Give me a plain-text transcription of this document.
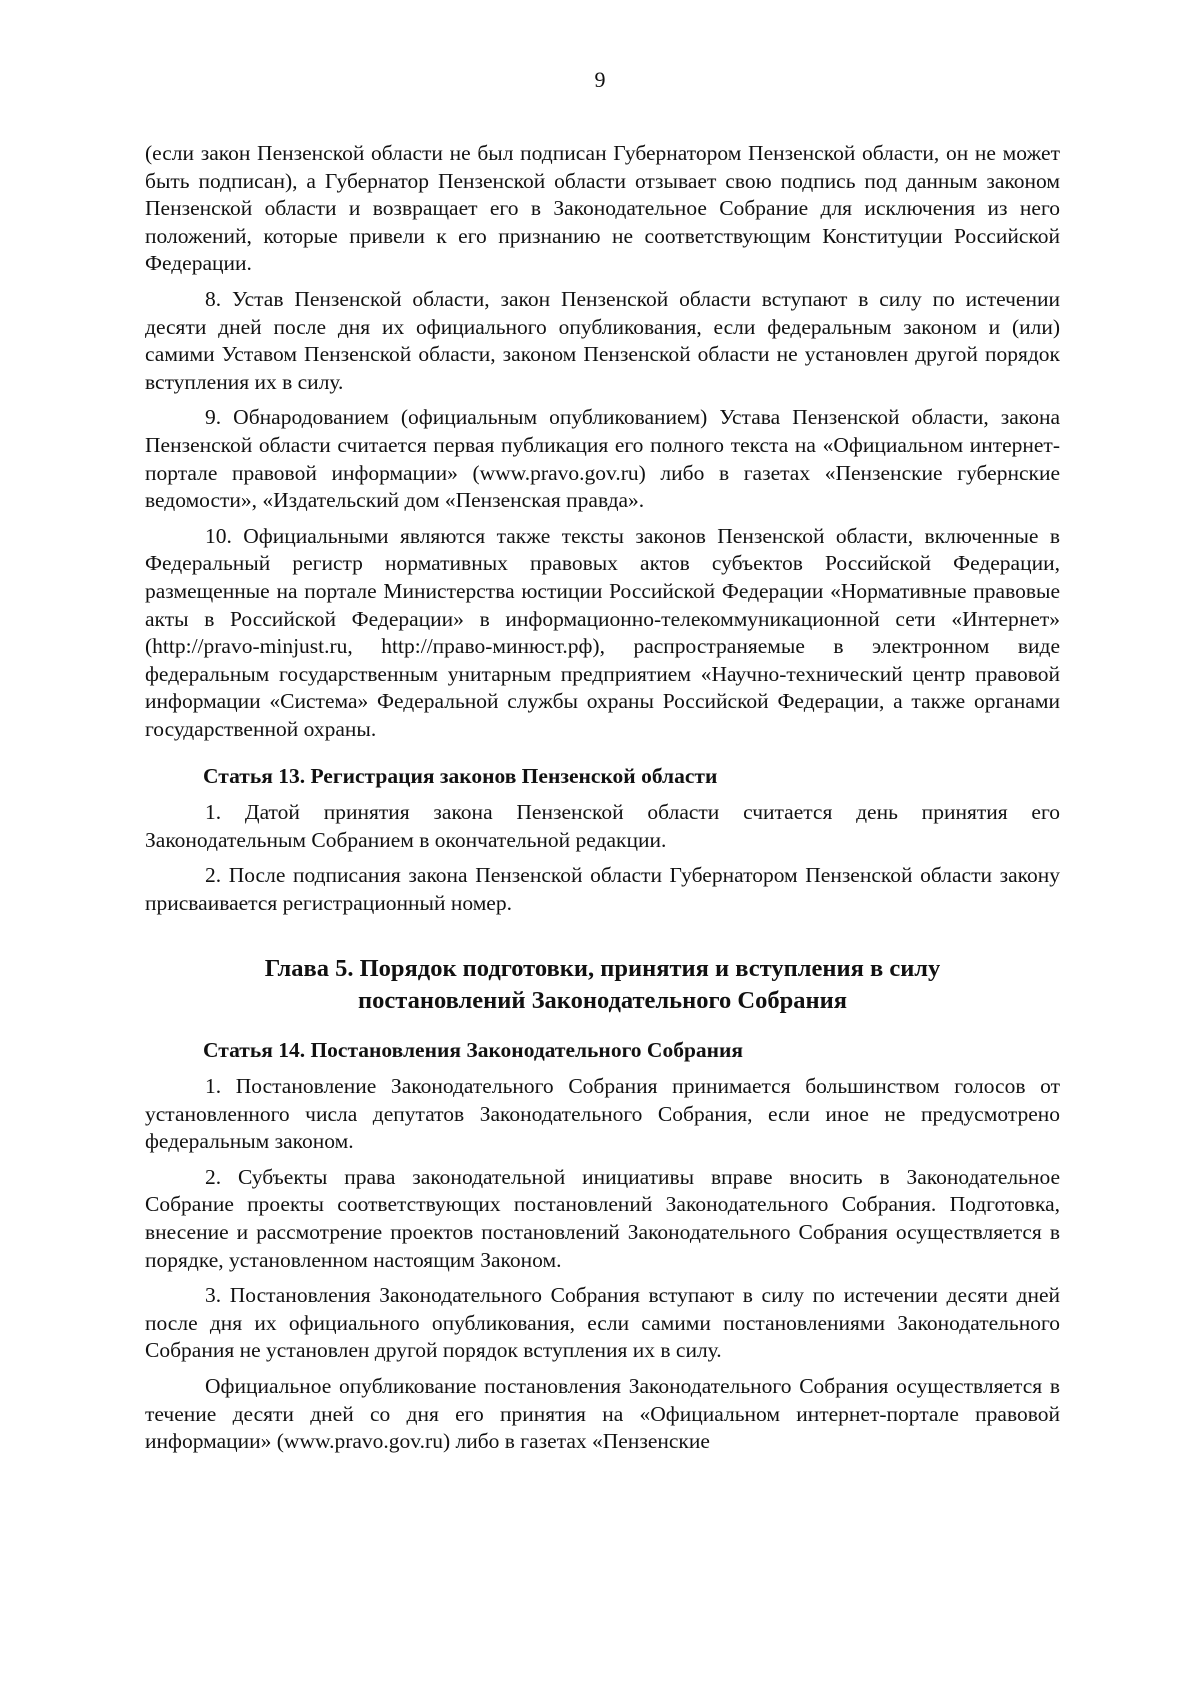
9

(если закон Пензенской области не был подписан Губернатором Пензенской области, он не может быть подписан), а Губернатор Пензенской области отзывает свою подпись под данным законом Пензенской области и возвращает его в Законодательное Собрание для исключения из него положений, которые привели к его признанию не соответствующим Конституции Российской Федерации.

8. Устав Пензенской области, закон Пензенской области вступают в силу по истечении десяти дней после дня их официального опубликования, если федеральным законом и (или) самими Уставом Пензенской области, законом Пензенской области не установлен другой порядок вступления их в силу.

9. Обнародованием (официальным опубликованием) Устава Пензенской области, закона Пензенской области считается первая публикация его полного текста на «Официальном интернет-портале правовой информации» (www.pravo.gov.ru) либо в газетах «Пензенские губернские ведомости», «Издательский дом «Пензенская правда».

10. Официальными являются также тексты законов Пензенской области, включенные в Федеральный регистр нормативных правовых актов субъектов Российской Федерации, размещенные на портале Министерства юстиции Российской Федерации «Нормативные правовые акты в Российской Федерации» в информационно-телекоммуникационной сети «Интернет» (http://pravo-minjust.ru, http://право-минюст.рф), распространяемые в электронном виде федеральным государственным унитарным предприятием «Научно-технический центр правовой информации «Система» Федеральной службы охраны Российской Федерации, а также органами государственной охраны.

Статья 13. Регистрация законов Пензенской области

1. Датой принятия закона Пензенской области считается день принятия его Законодательным Собранием в окончательной редакции.

2. После подписания закона Пензенской области Губернатором Пензенской области закону присваивается регистрационный номер.

Глава 5. Порядок подготовки, принятия и вступления в силу постановлений Законодательного Собрания

Статья 14. Постановления Законодательного Собрания

1. Постановление Законодательного Собрания принимается большинством голосов от установленного числа депутатов Законодательного Собрания, если иное не предусмотрено федеральным законом.

2. Субъекты права законодательной инициативы вправе вносить в Законодательное Собрание проекты соответствующих постановлений Законодательного Собрания. Подготовка, внесение и рассмотрение проектов постановлений Законодательного Собрания осуществляется в порядке, установленном настоящим Законом.

3. Постановления Законодательного Собрания вступают в силу по истечении десяти дней после дня их официального опубликования, если самими постановлениями Законодательного Собрания не установлен другой порядок вступления их в силу.

Официальное опубликование постановления Законодательного Собрания осуществляется в течение десяти дней со дня его принятия на «Официальном интернет-портале правовой информации» (www.pravo.gov.ru) либо в газетах «Пензенские
